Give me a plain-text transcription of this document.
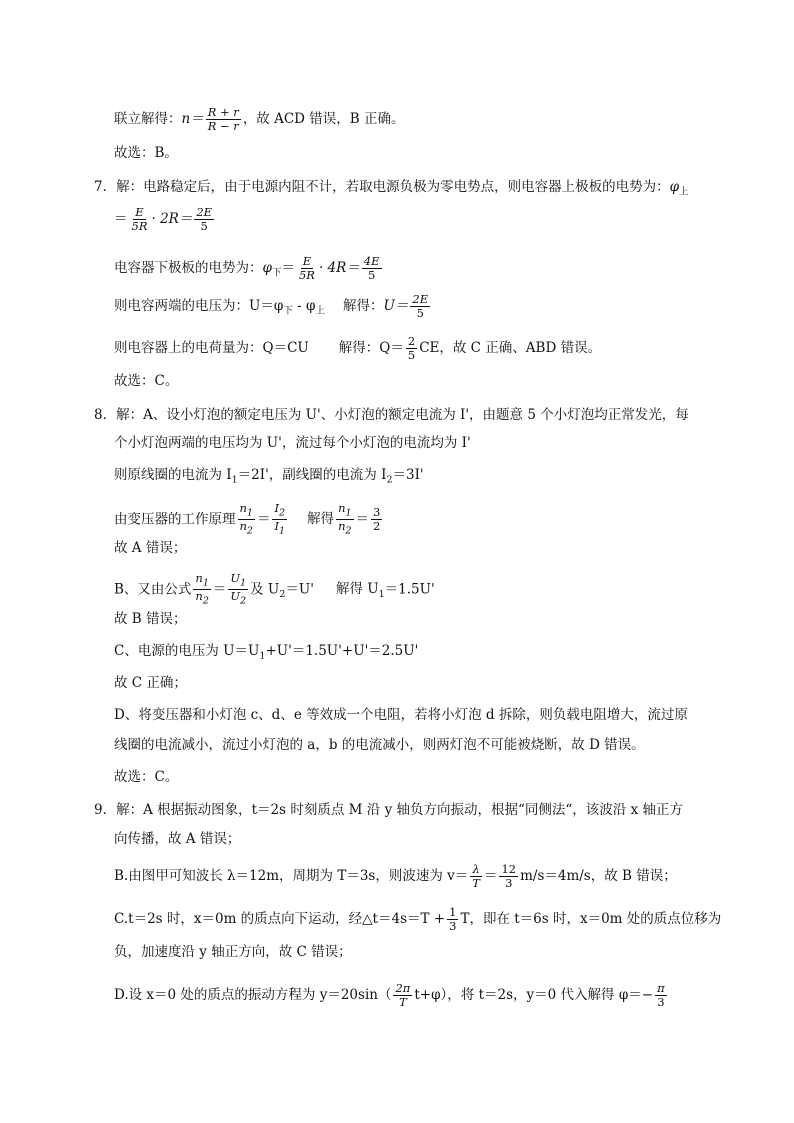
联立解得：$n= \frac{R + r}{R - r}$ ，故 ACD 错误，B 正确。
故选：B。
7．解：电路稳定后，由于电源内阻不计，若取电源负极为零电势点，则电容器上极板的电势为：$\varphi_上$
＝ $\frac{E}{5R} \cdot 2R= \frac{2E}{5}$
电容器下极板的电势为：$\varphi_下= \frac{E}{5R} \cdot 4R= \frac{4E}{5}$
则电容两端的电压为：$U=\varphi_下 - \varphi_上$ 解得：$U= \frac{2E}{5}$
则电容器上的电荷量为：Q＝CU 解得：$Q= \frac{2}{5}$ CE，故 C 正确、ABD 错误。
故选：C。
8．解：A、设小灯泡的额定电压为 U'、小灯泡的额定电流为 I'，由题意 5 个小灯泡均正常发光，每
个小灯泡两端的电压均为 U'，流过每个小灯泡的电流均为 I'
则原线圈的电流为 $I_1=2I'$，副线圈的电流为 $I_2=3I'$
由变压器的工作原理 $\frac{n_1}{n_2} = \frac{I_2}{I_1}$ 解得 $\frac{n_1}{n_2} = \frac{3}{2}$
故 A 错误；
B、又由公式 $\frac{n_1}{n_2} = \frac{U_1}{U_2}$ 及 $U_2=U'$ 解得 $U_1=1.5U'$
故 B 错误；
C、电源的电压为 $U=U_1+U'=1.5U'+U'=2.5U'$
故 C 正确；
D、将变压器和小灯泡 c、d、e 等效成一个电阻，若将小灯泡 d 拆除，则负载电阻增大，流过原
线圈的电流减小，流过小灯泡的 a，b 的电流减小，则两灯泡不可能被烧断，故 D 错误。
故选：C。
9．解：A 根据振动图象，t＝2s 时刻质点 M 沿 y 轴负方向振动，根据“同侧法“，该波沿 x 轴正方
向传播，故 A 错误；
B.由图甲可知波长 λ＝12m，周期为 T＝3s，则波速为 $v= \frac{\lambda}{T} = \frac{12}{3} m/s=4m/s$，故 B 错误；
C.t＝2s 时，x＝0m 的质点向下运动，经△t＝4s＝T + $\frac{1}{3}$ T，即在 t＝6s 时，x＝0m 处的质点位移为
负，加速度沿 y 轴正方向，故 C 错误；
D.设 x＝0 处的质点的振动方程为 $y=20\sin( \frac{2\pi}{T} t+\varphi)$，将 t＝2s，y＝0 代入解得 $\varphi=- \frac{\pi}{3}$
